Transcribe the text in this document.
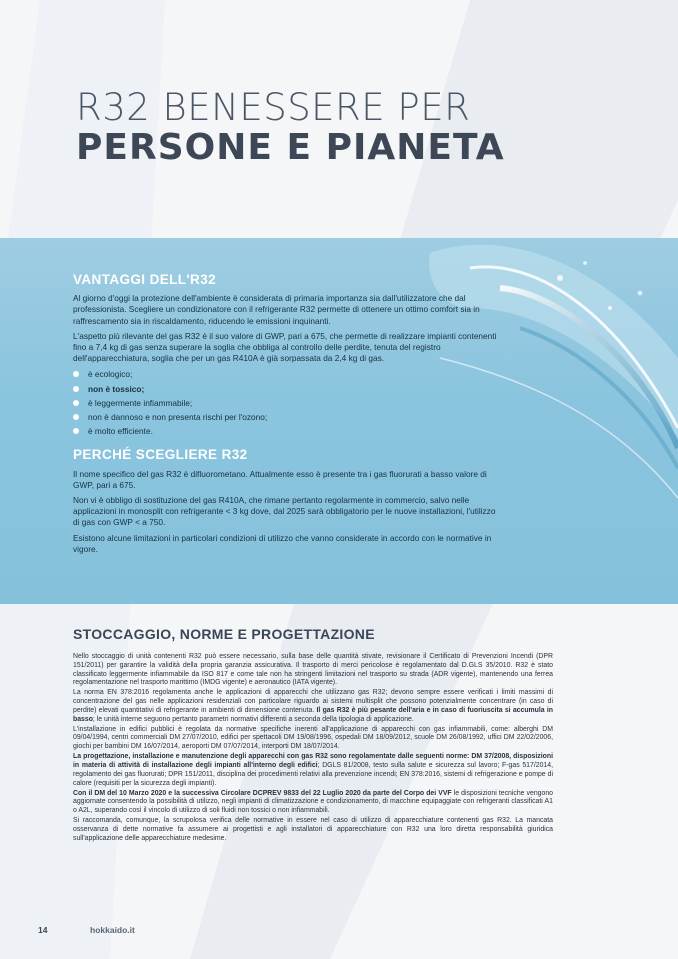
R32 BENESSERE PER
PERSONE E PIANETA
VANTAGGI DELL'R32

Al giorno d'oggi la protezione dell'ambiente è considerata di primaria importanza sia dall'utilizzatore che dal professionista. Scegliere un condizionatore con il refrigerante R32 permette di ottenere un ottimo comfort sia in raffrescamento sia in riscaldamento, riducendo le emissioni inquinanti.

L'aspetto più rilevante del gas R32 è il suo valore di GWP, pari a 675, che permette di realizzare impianti contenenti fino a 7,4 kg di gas senza superare la soglia che obbliga al controllo delle perdite, tenuta del registro dell'apparecchiatura, soglia che per un gas R410A è già sorpassata da 2,4 kg di gas.

è ecologico;
non è tossico;
è leggermente infiammabile;
non è dannoso e non presenta rischi per l'ozono;
è molto efficiente.
PERCHÉ SCEGLIERE R32

Il nome specifico del gas R32 è difluorometano. Attualmente esso è presente tra i gas fluorurati a basso valore di GWP, pari a 675.

Non vi è obbligo di sostituzione del gas R410A, che rimane pertanto regolarmente in commercio, salvo nelle applicazioni in monosplit con refrigerante < 3 kg dove, dal 2025 sarà obbligatorio per le nuove installazioni, l'utilizzo di gas con GWP < a 750.

Esistono alcune limitazioni in particolari condizioni di utilizzo che vanno considerate in accordo con le normative in vigore.

STOCCAGGIO, NORME E PROGETTAZIONE

Nello stoccaggio di unità contenenti R32 può essere necessario, sulla base delle quantità stivate, revisionare il Certificato di Prevenzioni Incendi (DPR 151/2011) per garantire la validità della propria garanzia assicurativa. Il trasporto di merci pericolose è regolamentato dal D.GLS 35/2010. R32 è stato classificato leggermente infiammabile da ISO 817 e come tale non ha stringenti limitazioni nel trasporto su strada (ADR vigente), mantenendo una ferrea regolamentazione nel trasporto marittimo (IMDG vigente) e aeronautico (IATA vigente).

La norma EN 378:2016 regolamenta anche le applicazioni di apparecchi che utilizzano gas R32; devono sempre essere verificati i limiti massimi di concentrazione del gas nelle applicazioni residenziali con particolare riguardo ai sistemi multisplit che possono potenzialmente concentrare (in caso di perdite) elevati quantitativi di refrigerante in ambienti di dimensione contenuta. Il gas R32 è più pesante dell'aria e in caso di fuoriuscita si accumula in basso; le unità interne seguono pertanto parametri normativi differenti a seconda della tipologia di applicazione.

L'installazione in edifici pubblici è regolata da normative specifiche inerenti all'applicazione di apparecchi con gas infiammabili, come: alberghi DM 09/04/1994, centri commerciali DM 27/07/2010, edifici per spettacoli DM 19/08/1996, ospedali DM 18/09/2012, scuole DM 26/08/1992, uffici DM 22/02/2006, giochi per bambini DM 16/07/2014, aeroporti DM 07/07/2014, interporti DM 18/07/2014.

La progettazione, installazione e manutenzione degli apparecchi con gas R32 sono regolamentate dalle seguenti norme: DM 37/2008, disposizioni in materia di attività di installazione degli impianti all'interno degli edifici; DGLS 81/2008, testo sulla salute e sicurezza sul lavoro; F-gas 517/2014, regolamento dei gas fluorurati; DPR 151/2011, disciplina dei procedimenti relativi alla prevenzione incendi; EN 378:2016, sistemi di refrigerazione e pompe di calore (requisiti per la sicurezza degli impianti).

Con il DM del 10 Marzo 2020 e la successiva Circolare DCPREV 9833 del 22 Luglio 2020 da parte del Corpo dei VVF le disposizioni tecniche vengono aggiornate consentendo la possibilità di utilizzo, negli impianti di climatizzazione e condizionamento, di macchine equipaggiate con refrigeranti classificati A1 o A2L, superando così il vincolo di utilizzo di soli fluidi non tossici o non infiammabili.

Si raccomanda, comunque, la scrupolosa verifica delle normative in essere nel caso di utilizzo di apparecchiature contenenti gas R32. La mancata osservanza di dette normative fa assumere ai progettisti e agli installatori di apparecchiature con R32 una loro diretta responsabilità giuridica sull'applicazione delle apparecchiature medesime.

14	hokkaido.it
